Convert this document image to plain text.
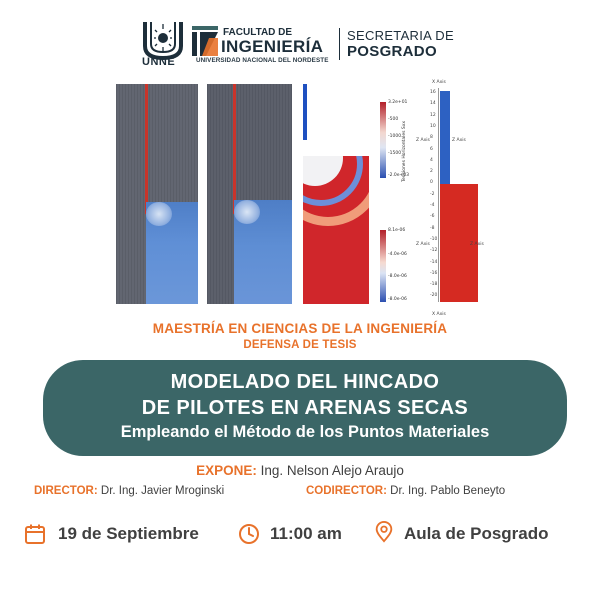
UNNE
FACULTAD DE
INGENIERÍA
UNIVERSIDAD NACIONAL DEL NORDESTE
SECRETARIA DE
POSGRADO
3.2e+01
-500
-1000
-1500
-2.0e+03
Tensiones Horizontales Sxx
8.1e-06
-4.0e-06
-8.0e-06
-8.0e-06
X Axis
X Axis
Z Axis	Z Axis
Z Axis	Z Axis
16
14
12
10
8
6
4
2
0
-2
-4
-6
-8
-10
-12
-14
-16
-18
-20
MAESTRÍA EN CIENCIAS DE LA INGENIERÍA
DEFENSA DE TESIS
MODELADO DEL HINCADO
DE PILOTES EN ARENAS SECAS
Empleando el Método de los Puntos Materiales
EXPONE: Ing. Nelson Alejo Araujo
DIRECTOR: Dr. Ing. Javier Mroginski	CODIRECTOR: Dr. Ing. Pablo Beneyto
19 de Septiembre	11:00 am	Aula de Posgrado
